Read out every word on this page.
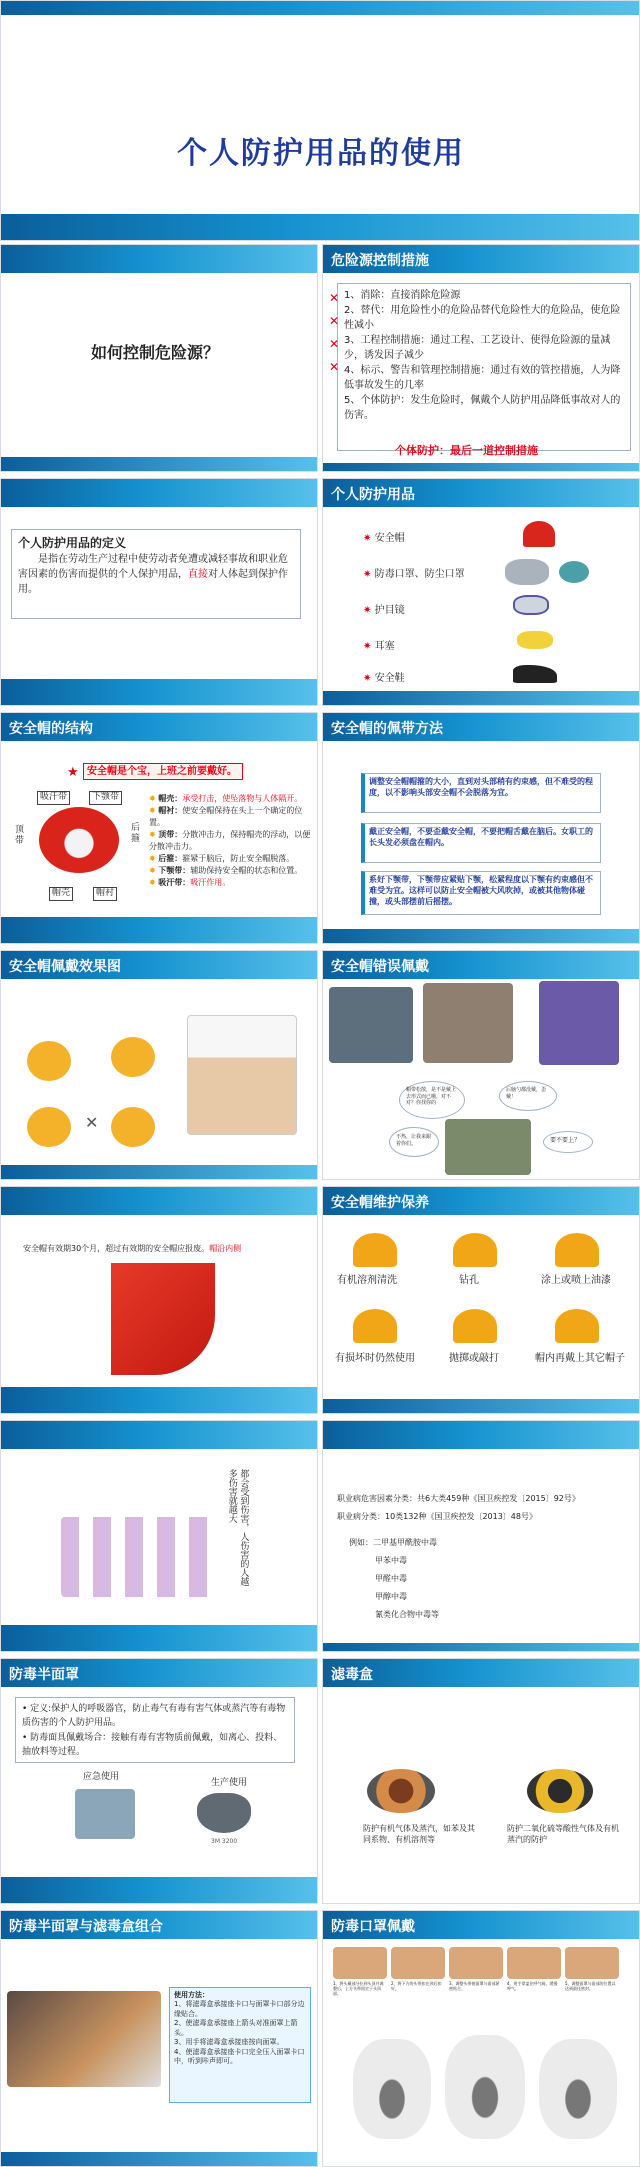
个人防护用品的使用
如何控制危险源？
危险源控制措施
1、消除：直接消除危险源
2、替代：用危险性小的危险品替代危险性大的危险品，使危险性减小
3、工程控制措施：通过工程、工艺设计、使得危险源的量减少，诱发因子减少
4、标示、警告和管理控制措施：通过有效的管控措施，人为降低事故发生的几率
5、个体防护：发生危险时，佩戴个人防护用品降低事故对人的伤害。
✕
✕
✕
✕
个体防护：最后一道控制措施
个人防护用品的定义
是指在劳动生产过程中使劳动者免遭或减轻事故和职业危害因素的伤害而提供的个人保护用品，直接对人体起到保护作用。
个人防护用品
✷ 安全帽
✷ 防毒口罩、防尘口罩
✷ 护目镜
✷ 耳塞
✷ 安全鞋
安全帽的结构
★ 安全帽是个宝，上班之前要戴好。
吸汗带	下颚带
顶带
后箍
帽壳	帽衬
✸ 帽壳：承受打击，使坠落物与人体隔开。
✸ 帽衬：使安全帽保持在头上一个确定的位置。
✸ 顶带：分散冲击力，保持帽壳的浮动，以便分散冲击力。
✸ 后箍：箍紧于脑后，防止安全帽脱落。
✸ 下颚带：辅助保持安全帽的状态和位置。
✸ 吸汗带：吸汗作用。
安全帽的佩带方法
调整安全帽帽箍的大小，直到对头部稍有约束感，但不难受的程度，以不影响头部安全帽不会脱落为宜。
戴正安全帽，不要歪戴安全帽，不要把帽舌戴在脑后。女职工的长头发必须盘在帽内。
系好下颚带，下颚带应紧贴下颚，松紧程度以下颚有约束感但不难受为宜。这样可以防止安全帽被大风吹掉，或被其他物体碰撞，或头部摆前后摇摆。
安全帽佩戴效果图
✕
安全帽错误佩戴
帽带松散，是不是戴上去形式而已哦，对不对？你找你的
后脑勺都没戴，歪戴！
不热，让我来跟着你们。	要不要上？
安全帽有效期30个月，超过有效期的安全帽应报废。帽沿内侧
安全帽维护保养
有机溶剂清洗	钻孔	涂上或喷上油漆
有损坏时仍然使用	抛掷或敲打	帽内再戴上其它帽子
都会受到伤害，人伤害的人越多伤害就越大	职业病危害因素分类：共6大类459种《国卫疾控发〔2015〕92号》
职业病分类：10类132种《国卫疾控发〔2013〕48号》
例如：二甲基甲酰胺中毒
甲苯中毒
甲醛中毒
甲醇中毒
氰类化合物中毒等
防毒半面罩
• 定义:保护人的呼吸器官，防止毒气有毒有害气体或蒸汽等有毒物质伤害的个人防护用品。
• 防毒面具佩戴场合：接触有毒有害物质前佩戴，如离心、投料、抽放料等过程。
应急使用
生产使用
3M 3200
滤毒盒
防护有机气体及蒸汽，如苯及其同系物、有机溶剂等
防护二氧化硫等酸性气体及有机蒸汽的防护
防毒半面罩与滤毒盒组合
使用方法：
1、将滤毒盒承接座卡口与面罩卡口部分边缘贴合。
2、使滤毒盒承接座上箭头对准面罩上箭头。
3、用手将滤毒盒承接座按向面罩。
4、使滤毒盒承接座卡口完全压入面罩卡口中，听到咔声即可。
防毒口罩佩戴
1、将头戴部分拉到头顶并调整后，上方头带固定于头顶部。
2、将下方的头带扣在颈后扣好。
3、调整头带使面罩与面部紧密贴合。
4、用手掌盖住呼气阀，缓慢呼气。
5、调整面罩与面部的位置以达到最佳密封。
